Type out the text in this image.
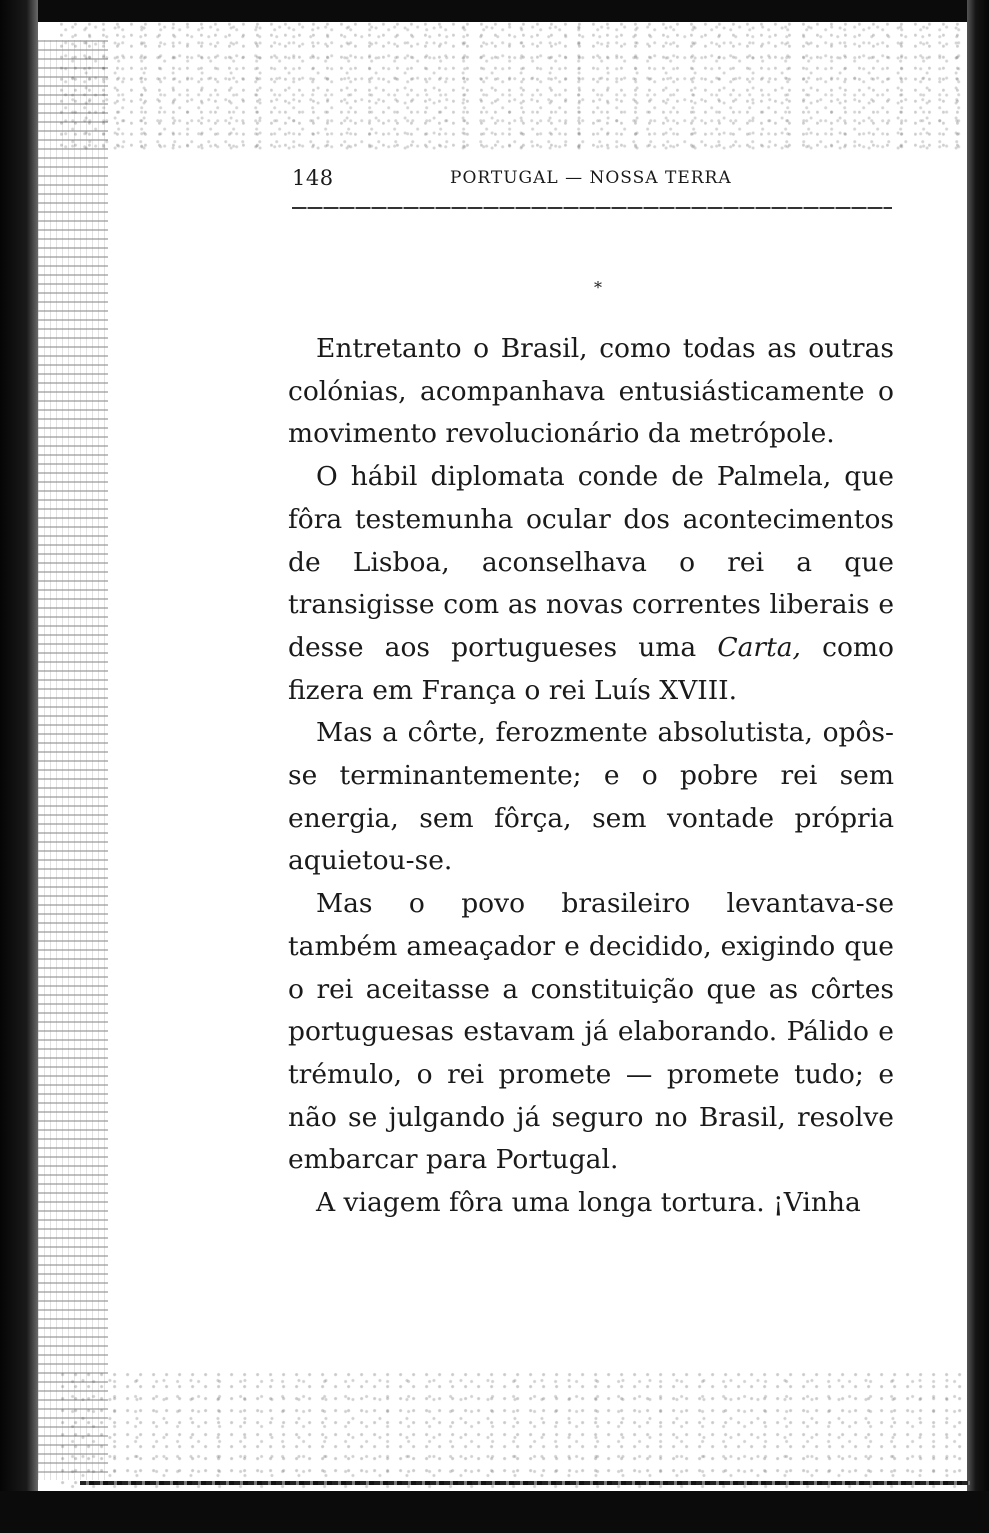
148	PORTUGAL — NOSSA TERRA
*

Entretanto o Brasil, como todas as outras colónias, acompanhava entusiásticamente o movimento revolucionário da metrópole.

O hábil diplomata conde de Palmela, que fôra testemunha ocular dos acontecimentos de Lisboa, aconselhava o rei a que transigisse com as novas correntes liberais e desse aos portugueses uma Carta, como fizera em França o rei Luís XVIII.

Mas a côrte, ferozmente absolutista, opôs-se terminantemente; e o pobre rei sem energia, sem fôrça, sem vontade própria aquietou-se.

Mas o povo brasileiro levantava-se também ameaçador e decidido, exigindo que o rei aceitasse a constituição que as côrtes portuguesas estavam já elaborando. Pálido e trémulo, o rei promete — promete tudo; e não se julgando já seguro no Brasil, resolve embarcar para Portugal.

A viagem fôra uma longa tortura. ¡Vinha
